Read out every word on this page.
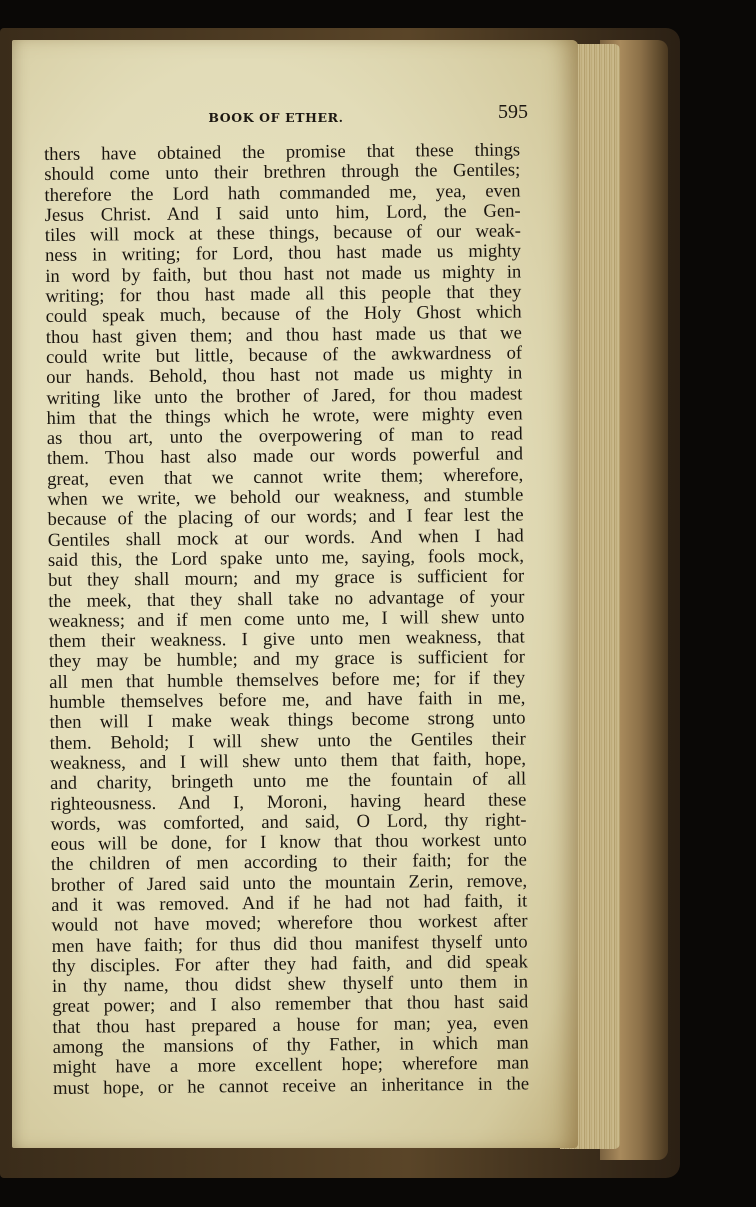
BOOK OF ETHER.	595
thers have obtained the promise that these things
should come unto their brethren through the Gentiles;
therefore the Lord hath commanded me, yea, even
Jesus Christ. And I said unto him, Lord, the Gen-
tiles will mock at these things, because of our weak-
ness in writing; for Lord, thou hast made us mighty
in word by faith, but thou hast not made us mighty in
writing; for thou hast made all this people that they
could speak much, because of the Holy Ghost which
thou hast given them; and thou hast made us that we
could write but little, because of the awkwardness of
our hands. Behold, thou hast not made us mighty in
writing like unto the brother of Jared, for thou madest
him that the things which he wrote, were mighty even
as thou art, unto the overpowering of man to read
them. Thou hast also made our words powerful and
great, even that we cannot write them; wherefore,
when we write, we behold our weakness, and stumble
because of the placing of our words; and I fear lest the
Gentiles shall mock at our words. And when I had
said this, the Lord spake unto me, saying, fools mock,
but they shall mourn; and my grace is sufficient for
the meek, that they shall take no advantage of your
weakness; and if men come unto me, I will shew unto
them their weakness. I give unto men weakness, that
they may be humble; and my grace is sufficient for
all men that humble themselves before me; for if they
humble themselves before me, and have faith in me,
then will I make weak things become strong unto
them. Behold; I will shew unto the Gentiles their
weakness, and I will shew unto them that faith, hope,
and charity, bringeth unto me the fountain of all
righteousness. And I, Moroni, having heard these
words, was comforted, and said, O Lord, thy right-
eous will be done, for I know that thou workest unto
the children of men according to their faith; for the
brother of Jared said unto the mountain Zerin, remove,
and it was removed. And if he had not had faith, it
would not have moved; wherefore thou workest after
men have faith; for thus did thou manifest thyself unto
thy disciples. For after they had faith, and did speak
in thy name, thou didst shew thyself unto them in
great power; and I also remember that thou hast said
that thou hast prepared a house for man; yea, even
among the mansions of thy Father, in which man
might have a more excellent hope; wherefore man
must hope, or he cannot receive an inheritance in the
